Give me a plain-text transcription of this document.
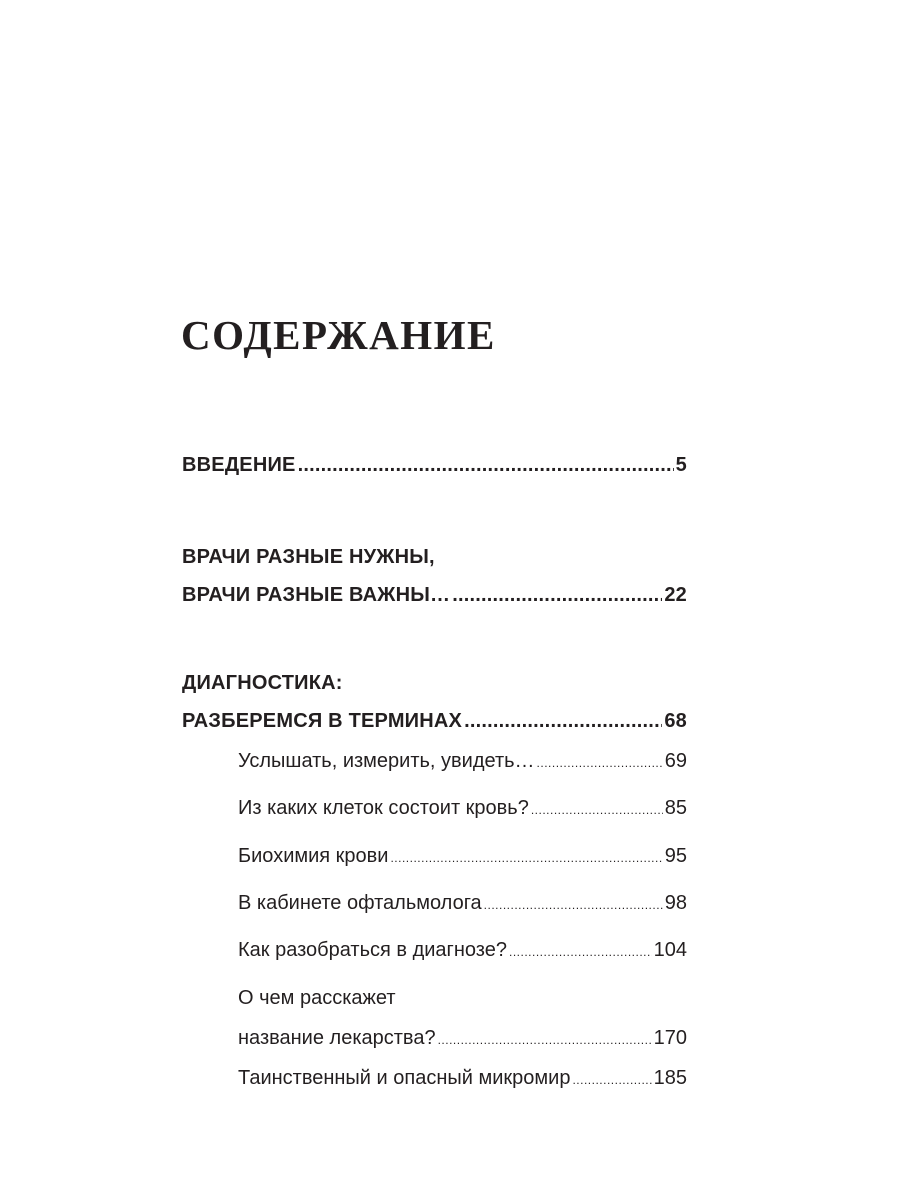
СОДЕРЖАНИЕ
ВВЕДЕНИЕ .....	5
ВРАЧИ РАЗНЫЕ НУЖНЫ,
ВРАЧИ РАЗНЫЕ ВАЖНЫ… .....	22
ДИАГНОСТИКА:
РАЗБЕРЕМСЯ В ТЕРМИНАХ .....	68
Услышать, измерить, увидеть… .....	69
Из каких клеток состоит кровь? .....	85
Биохимия крови .....	95
В кабинете офтальмолога .....	98
Как разобраться в диагнозе? .....	104
О чем расскажет
название лекарства? .....	170
Таинственный и опасный микромир .....	185
